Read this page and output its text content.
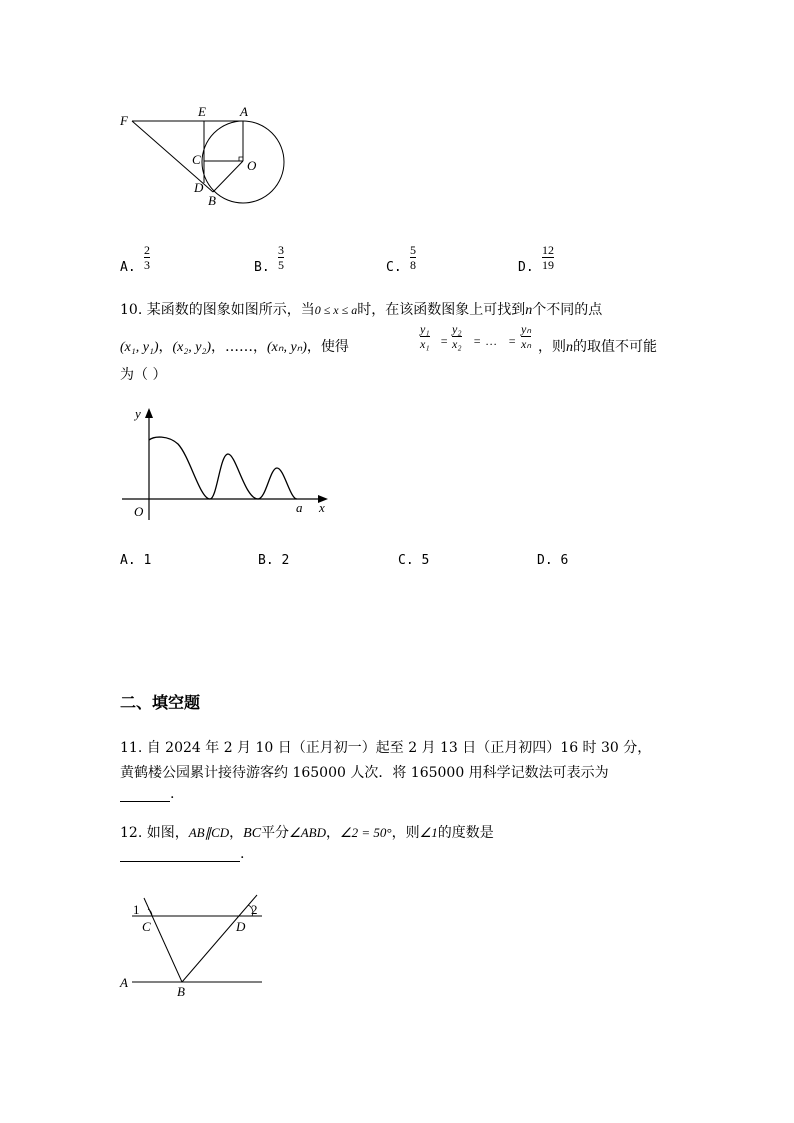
F
E	A
C	O
D
B
A.
2
3	B.
3
5	C.
5
8	D.
12
19
10. 某函数的图象如图所示，当0 ≤ x ≤ a时，在该函数图象上可找到n个不同的点
(x₁, y₁)，(x₂, y₂)，……，(xₙ, yₙ)，使得
y₁
x₁ =
y₂
x₂ = … =
yₙ
xₙ ，则n的取值不可能
为（ ）
y
O	a x
A. 1	B. 2	C. 5	D. 6
二、填空题
11. 自 2024 年 2 月 10 日（正月初一）起至 2 月 13 日（正月初四）16 时 30 分，
黄鹤楼公园累计接待游客约 165000 人次．将 165000 用科学记数法可表示为
.
12. 如图，AB∥CD，BC平分∠ABD，∠2 = 50°，则∠1的度数是
.
1	2
C	D
A
B
